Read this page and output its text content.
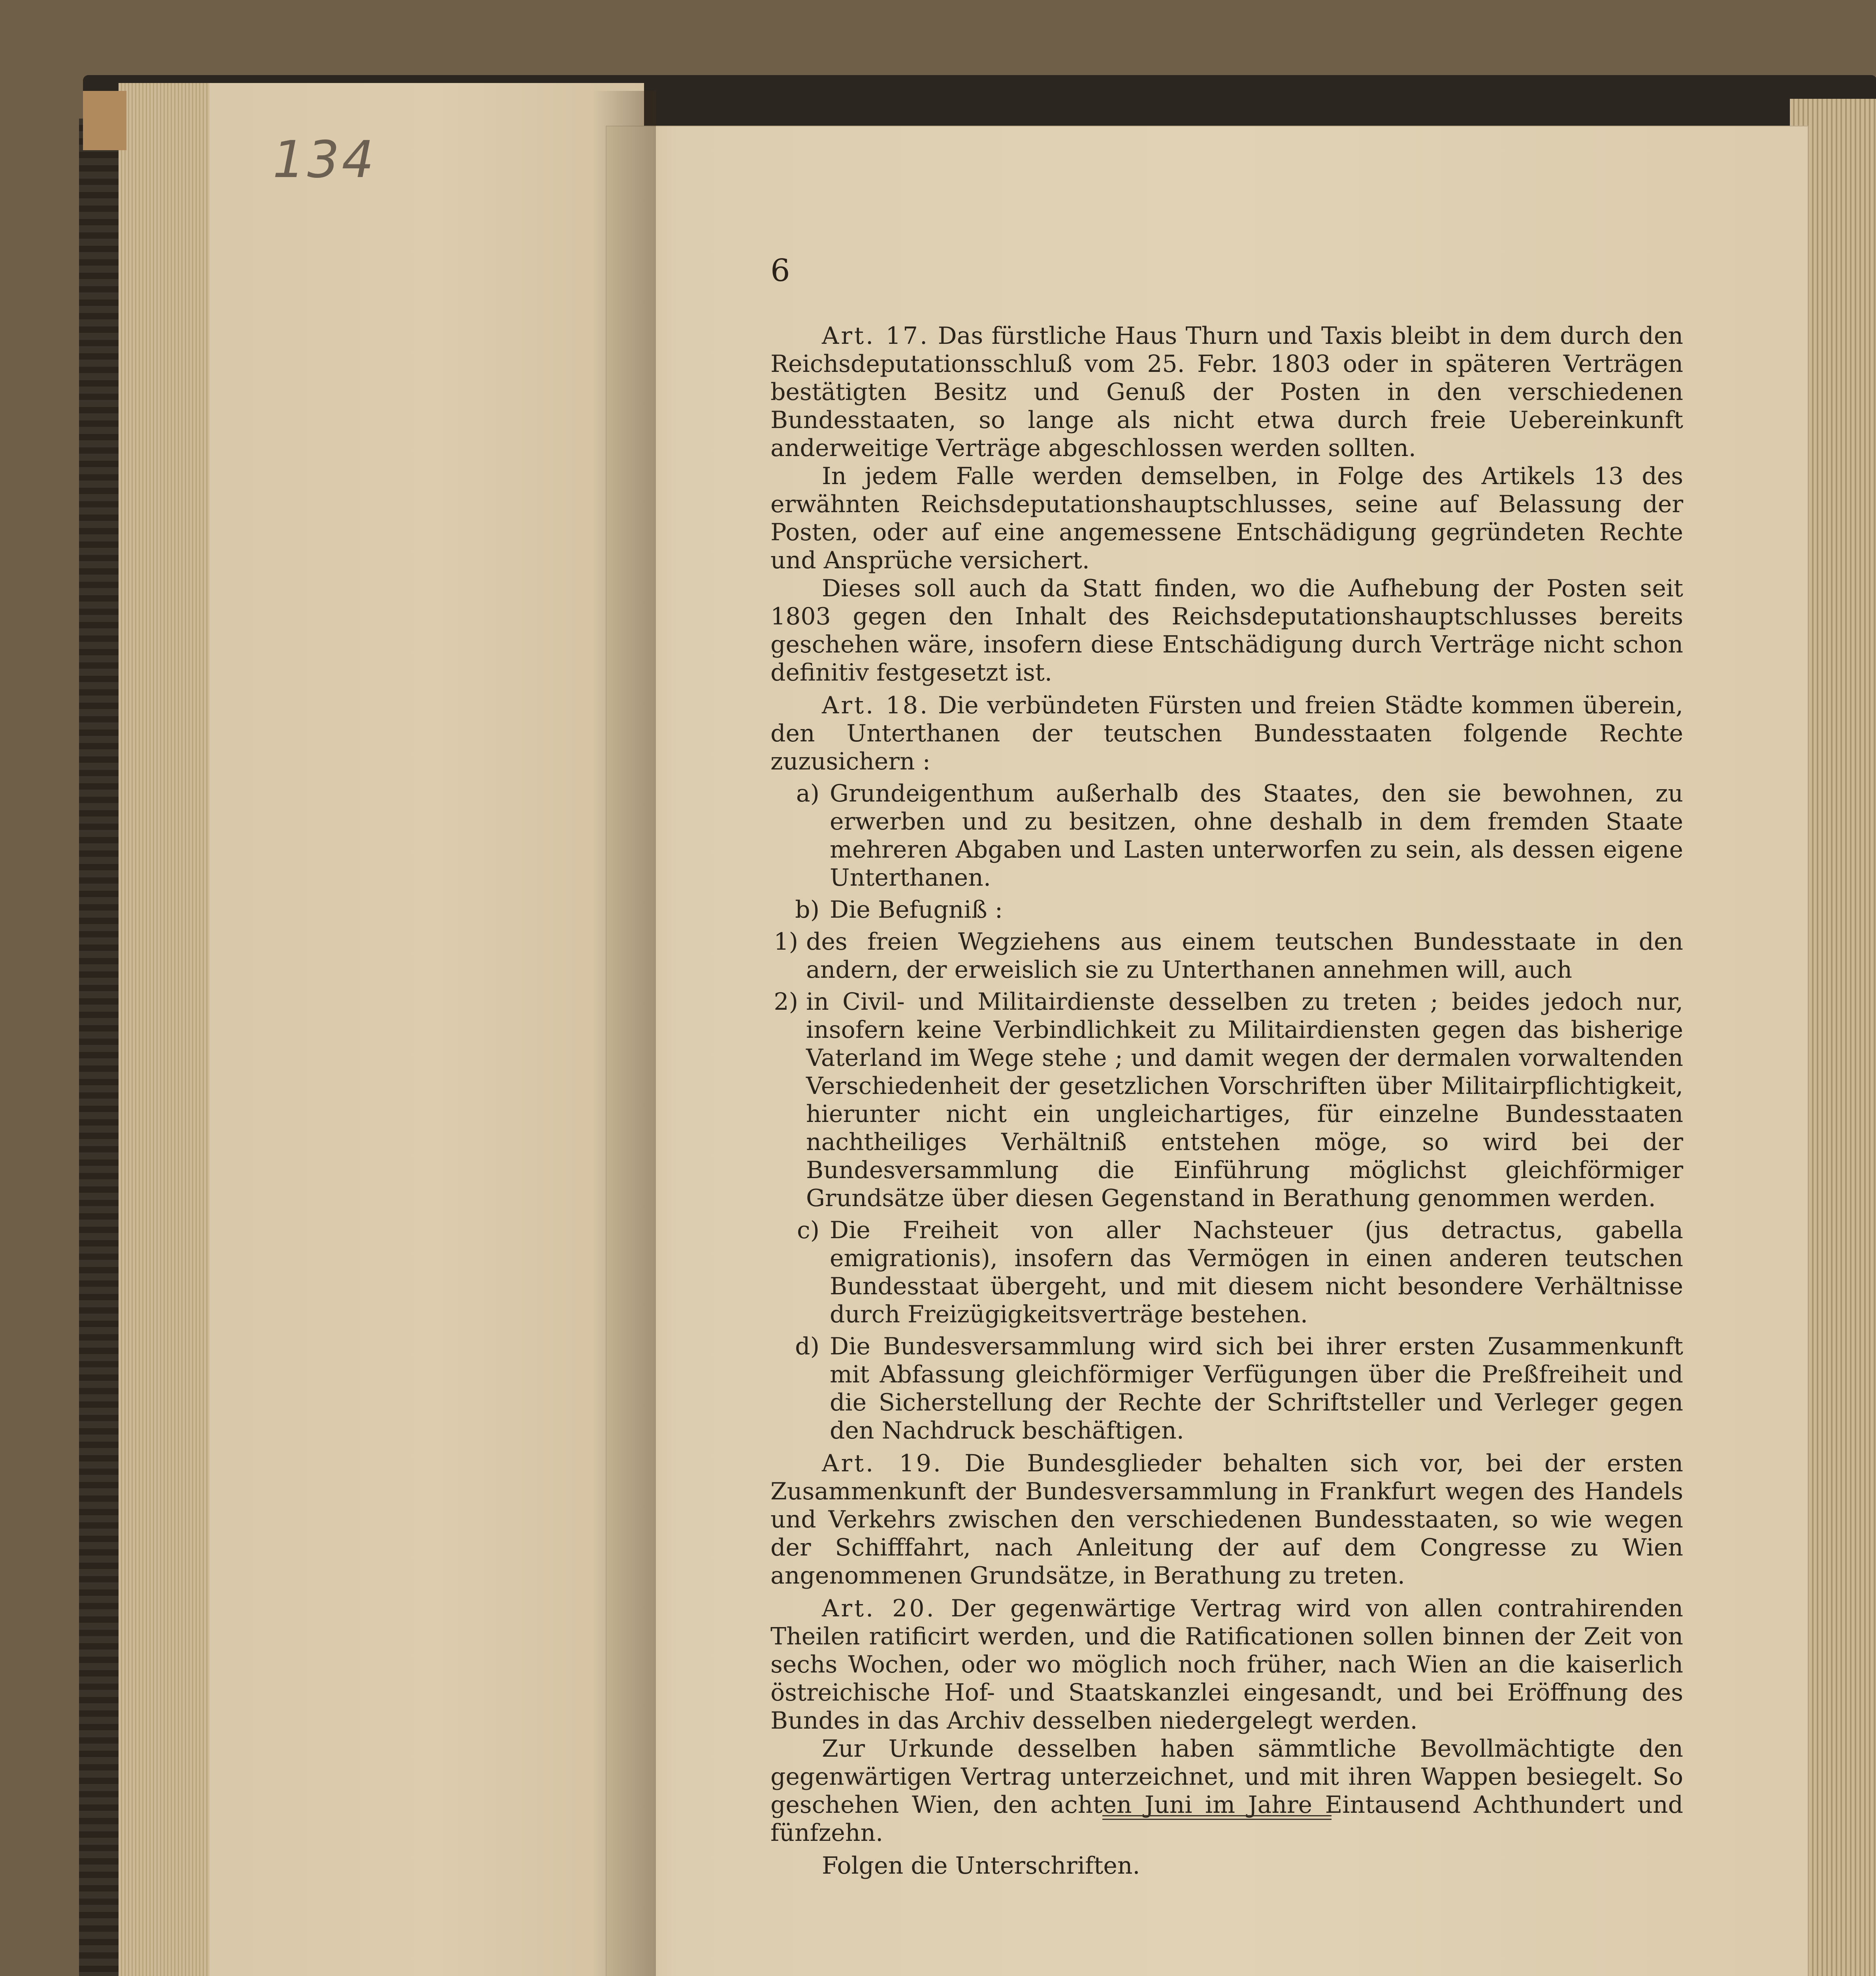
134
6

Art. 17. Das fürstliche Haus Thurn und Taxis bleibt in dem durch den Reichsdeputationsschluß vom 25. Febr. 1803 oder in späteren Verträgen bestätigten Besitz und Genuß der Posten in den verschiedenen Bundesstaaten, so lange als nicht etwa durch freie Uebereinkunft anderweitige Verträge abgeschlossen werden sollten.

In jedem Falle werden demselben, in Folge des Artikels 13 des erwähnten Reichsdeputationshauptschlusses, seine auf Belassung der Posten, oder auf eine angemessene Entschädigung gegründeten Rechte und Ansprüche versichert.

Dieses soll auch da Statt finden, wo die Aufhebung der Posten seit 1803 gegen den Inhalt des Reichsdeputationshauptschlusses bereits geschehen wäre, insofern diese Entschädigung durch Verträge nicht schon definitiv festgesetzt ist.

Art. 18. Die verbündeten Fürsten und freien Städte kommen überein, den Unterthanen der teutschen Bundesstaaten folgende Rechte zuzusichern :

a) Grundeigenthum außerhalb des Staates, den sie bewohnen, zu erwerben und zu besitzen, ohne deshalb in dem fremden Staate mehreren Abgaben und Lasten unterworfen zu sein, als dessen eigene Unterthanen.
b) Die Befugniß :
1) des freien Wegziehens aus einem teutschen Bundesstaate in den andern, der erweislich sie zu Unterthanen annehmen will, auch
2) in Civil- und Militairdienste desselben zu treten ; beides jedoch nur, insofern keine Verbindlichkeit zu Militairdiensten gegen das bisherige Vaterland im Wege stehe ; und damit wegen der dermalen vorwaltenden Verschiedenheit der gesetzlichen Vorschriften über Militairpflichtigkeit, hierunter nicht ein ungleichartiges, für einzelne Bundesstaaten nachtheiliges Verhältniß entstehen möge, so wird bei der Bundesversammlung die Einführung möglichst gleichförmiger Grundsätze über diesen Gegenstand in Berathung genommen werden.
c) Die Freiheit von aller Nachsteuer (jus detractus, gabella emigrationis), insofern das Vermögen in einen anderen teutschen Bundesstaat übergeht, und mit diesem nicht besondere Verhältnisse durch Freizügigkeitsverträge bestehen.
d) Die Bundesversammlung wird sich bei ihrer ersten Zusammenkunft mit Abfassung gleichförmiger Verfügungen über die Preßfreiheit und die Sicherstellung der Rechte der Schriftsteller und Verleger gegen den Nachdruck beschäftigen.

Art. 19. Die Bundesglieder behalten sich vor, bei der ersten Zusammenkunft der Bundesversammlung in Frankfurt wegen des Handels und Verkehrs zwischen den verschiedenen Bundesstaaten, so wie wegen der Schifffahrt, nach Anleitung der auf dem Congresse zu Wien angenommenen Grundsätze, in Berathung zu treten.

Art. 20. Der gegenwärtige Vertrag wird von allen contrahirenden Theilen ratificirt werden, und die Ratificationen sollen binnen der Zeit von sechs Wochen, oder wo möglich noch früher, nach Wien an die kaiserlich östreichische Hof- und Staatskanzlei eingesandt, und bei Eröffnung des Bundes in das Archiv desselben niedergelegt werden.

Zur Urkunde desselben haben sämmtliche Bevollmächtigte den gegenwärtigen Vertrag unterzeichnet, und mit ihren Wappen besiegelt. So geschehen Wien, den achten Juni im Jahre Eintausend Achthundert und fünfzehn.

Folgen die Unterschriften.
